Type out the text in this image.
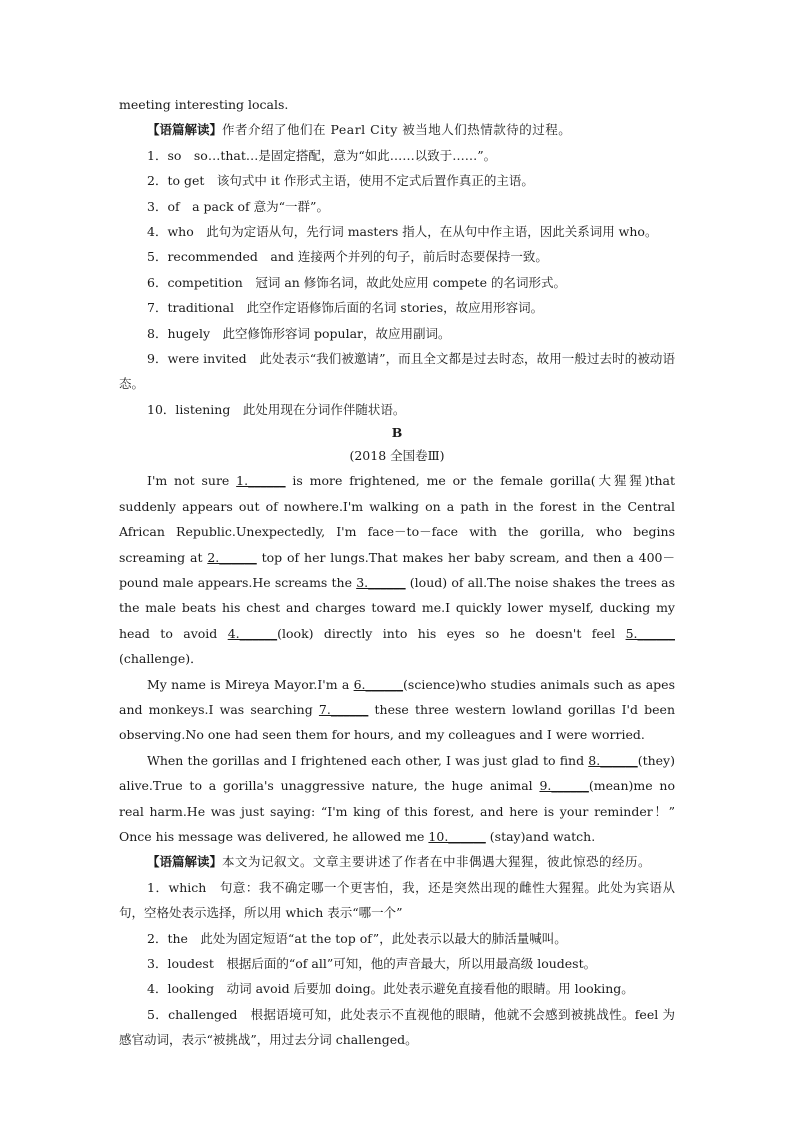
meeting interesting locals.

【语篇解读】作者介绍了他们在 Pearl City 被当地人们热情款待的过程。

1．so　so…that…是固定搭配，意为“如此……以致于……”。

2．to get　该句式中 it 作形式主语，使用不定式后置作真正的主语。

3．of　a pack of 意为“一群”。

4．who　此句为定语从句，先行词 masters 指人，在从句中作主语，因此关系词用 who。

5．recommended　and 连接两个并列的句子，前后时态要保持一致。

6．competition　冠词 an 修饰名词，故此处应用 compete 的名词形式。

7．traditional　此空作定语修饰后面的名词 stories，故应用形容词。

8．hugely　此空修饰形容词 popular，故应用副词。

9．were invited　此处表示“我们被邀请”，而且全文都是过去时态，故用一般过去时的被动语态。

10．listening　此处用现在分词作伴随状语。

B

(2018 全国卷Ⅲ)

I'm not sure 1.______ is more frightened, me or the female gorilla(大猩猩)that suddenly appears out of nowhere.I'm walking on a path in the forest in the Central African Republic.Unexpectedly, I'm face－to－face with the gorilla, who begins screaming at 2.______ top of her lungs.That makes her baby scream, and then a 400－pound male appears.He screams the 3.______ (loud) of all.The noise shakes the trees as the male beats his chest and charges toward me.I quickly lower myself, ducking my head to avoid 4.______(look) directly into his eyes so he doesn't feel 5.______ (challenge)．

My name is Mireya Mayor.I'm a 6.______(science)who studies animals such as apes and monkeys.I was searching 7.______ these three western lowland gorillas I'd been observing.No one had seen them for hours, and my colleagues and I were worried.

When the gorillas and I frightened each other, I was just glad to find 8.______(they) alive.True to a gorilla's unaggressive nature, the huge animal 9.______(mean)me no real harm.He was just saying: “I'm king of this forest, and here is your reminder！” Once his message was delivered, he allowed me 10.______ (stay)and watch.

【语篇解读】本文为记叙文。文章主要讲述了作者在中非偶遇大猩猩，彼此惊恐的经历。

1．which　句意：我不确定哪一个更害怕，我，还是突然出现的雌性大猩猩。此处为宾语从句，空格处表示选择，所以用 which 表示“哪一个”

2．the　此处为固定短语“at the top of”，此处表示以最大的肺活量喊叫。

3．loudest　根据后面的“of all”可知，他的声音最大，所以用最高级 loudest。

4．looking　动词 avoid 后要加 doing。此处表示避免直接看他的眼睛。用 looking。

5．challenged　根据语境可知，此处表示不直视他的眼睛，他就不会感到被挑战性。feel 为感官动词，表示“被挑战”，用过去分词 challenged。
